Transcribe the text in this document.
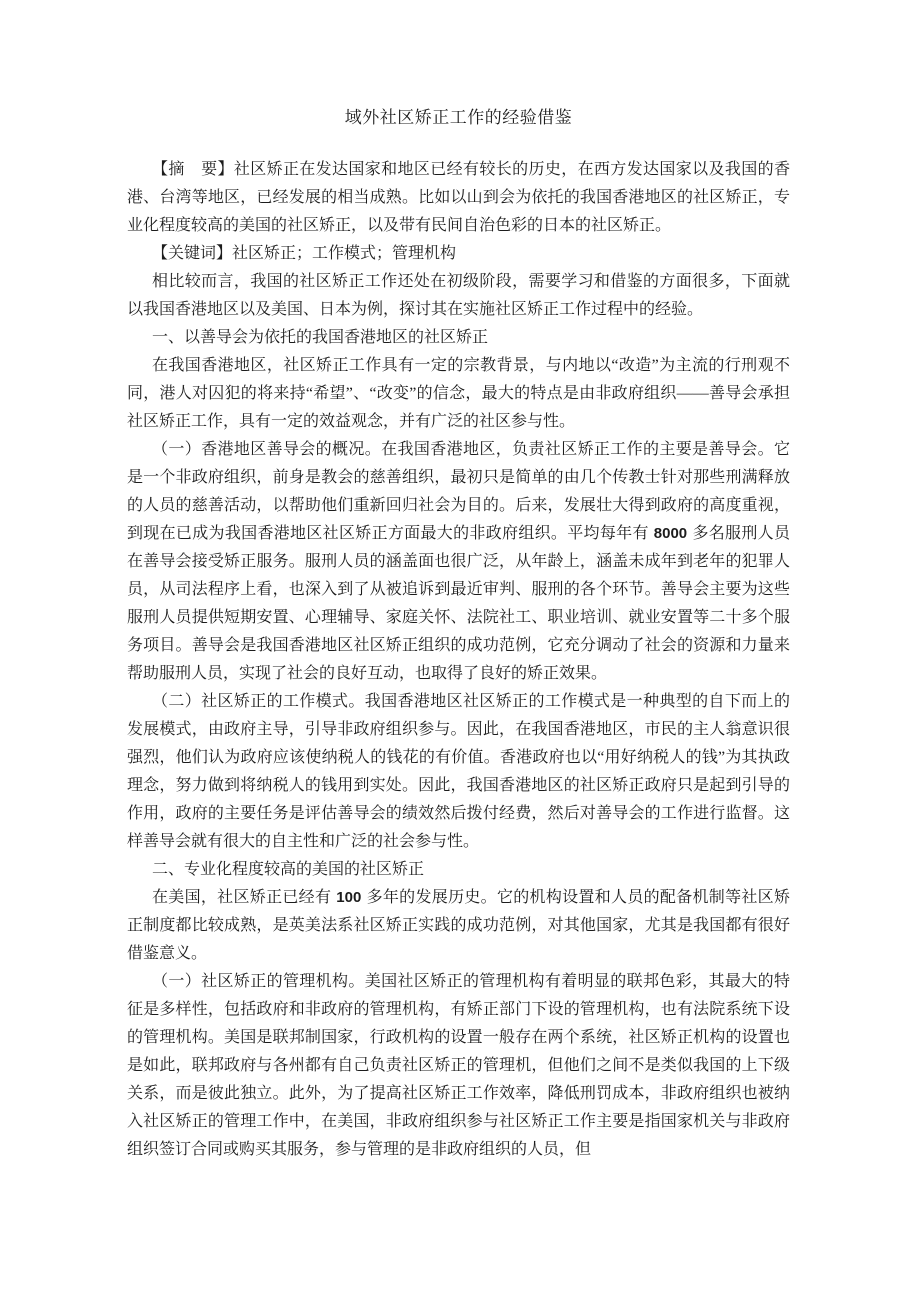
域外社区矫正工作的经验借鉴

【摘　要】社区矫正在发达国家和地区已经有较长的历史，在西方发达国家以及我国的香港、台湾等地区，已经发展的相当成熟。比如以山到会为依托的我国香港地区的社区矫正，专业化程度较高的美国的社区矫正，以及带有民间自治色彩的日本的社区矫正。

【关键词】社区矫正；工作模式；管理机构

相比较而言，我国的社区矫正工作还处在初级阶段，需要学习和借鉴的方面很多，下面就以我国香港地区以及美国、日本为例，探讨其在实施社区矫正工作过程中的经验。

一、以善导会为依托的我国香港地区的社区矫正

在我国香港地区，社区矫正工作具有一定的宗教背景，与内地以“改造”为主流的行刑观不同，港人对囚犯的将来持“希望”、“改变”的信念，最大的特点是由非政府组织——善导会承担社区矫正工作，具有一定的效益观念，并有广泛的社区参与性。

（一）香港地区善导会的概况。在我国香港地区，负责社区矫正工作的主要是善导会。它是一个非政府组织，前身是教会的慈善组织，最初只是简单的由几个传教士针对那些刑满释放的人员的慈善活动，以帮助他们重新回归社会为目的。后来，发展壮大得到政府的高度重视，到现在已成为我国香港地区社区矫正方面最大的非政府组织。平均每年有 8000 多名服刑人员在善导会接受矫正服务。服刑人员的涵盖面也很广泛，从年龄上，涵盖未成年到老年的犯罪人员，从司法程序上看，也深入到了从被追诉到最近审判、服刑的各个环节。善导会主要为这些服刑人员提供短期安置、心理辅导、家庭关怀、法院社工、职业培训、就业安置等二十多个服务项目。善导会是我国香港地区社区矫正组织的成功范例，它充分调动了社会的资源和力量来帮助服刑人员，实现了社会的良好互动，也取得了良好的矫正效果。

（二）社区矫正的工作模式。我国香港地区社区矫正的工作模式是一种典型的自下而上的发展模式，由政府主导，引导非政府组织参与。因此，在我国香港地区，市民的主人翁意识很强烈，他们认为政府应该使纳税人的钱花的有价值。香港政府也以“用好纳税人的钱”为其执政理念，努力做到将纳税人的钱用到实处。因此，我国香港地区的社区矫正政府只是起到引导的作用，政府的主要任务是评估善导会的绩效然后拨付经费，然后对善导会的工作进行监督。这样善导会就有很大的自主性和广泛的社会参与性。

二、专业化程度较高的美国的社区矫正

在美国，社区矫正已经有 100 多年的发展历史。它的机构设置和人员的配备机制等社区矫正制度都比较成熟，是英美法系社区矫正实践的成功范例，对其他国家，尤其是我国都有很好借鉴意义。

（一）社区矫正的管理机构。美国社区矫正的管理机构有着明显的联邦色彩，其最大的特征是多样性，包括政府和非政府的管理机构，有矫正部门下设的管理机构，也有法院系统下设的管理机构。美国是联邦制国家，行政机构的设置一般存在两个系统，社区矫正机构的设置也是如此，联邦政府与各州都有自己负责社区矫正的管理机，但他们之间不是类似我国的上下级关系，而是彼此独立。此外，为了提高社区矫正工作效率，降低刑罚成本，非政府组织也被纳入社区矫正的管理工作中，在美国，非政府组织参与社区矫正工作主要是指国家机关与非政府组织签订合同或购买其服务，参与管理的是非政府组织的人员，但
